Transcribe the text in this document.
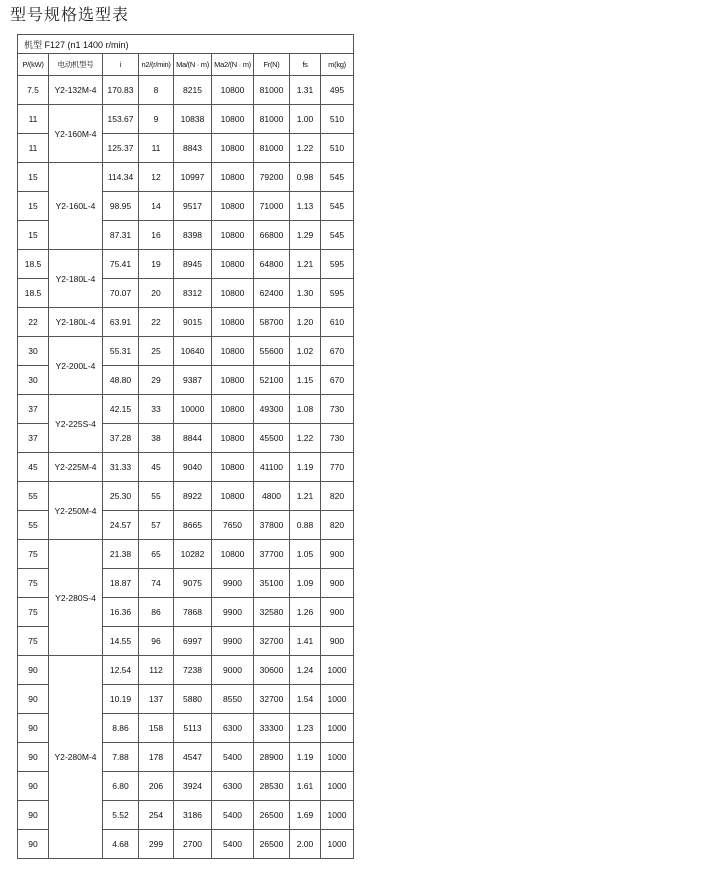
型号规格选型表
机型 F127 (n1 1400 r/min)								
P/(kW)	电动机型号	i	n2/(r/min)	Ma/(N · m)	Ma2/(N · m)	Fr(N)	fs	m(kg)
7.5	Y2-132M-4	170.83	8	8215	10800	81000	1.31	495
11	Y2-160M-4	153.67	9	10838	10800	81000	1.00	510
11		125.37	11	8843	10800	81000	1.22	510
15	Y2-160L-4	114.34	12	10997	10800	79200	0.98	545
15		98.95	14	9517	10800	71000	1.13	545
15		87.31	16	8398	10800	66800	1.29	545
18.5	Y2-180L-4	75.41	19	8945	10800	64800	1.21	595
18.5		70.07	20	8312	10800	62400	1.30	595
22	Y2-180L-4	63.91	22	9015	10800	58700	1.20	610
30	Y2-200L-4	55.31	25	10640	10800	55600	1.02	670
30		48.80	29	9387	10800	52100	1.15	670
37	Y2-225S-4	42.15	33	10000	10800	49300	1.08	730
37		37.28	38	8844	10800	45500	1.22	730
45	Y2-225M-4	31.33	45	9040	10800	41100	1.19	770
55	Y2-250M-4	25.30	55	8922	10800	4800	1.21	820
55		24.57	57	8665	7650	37800	0.88	820
75	Y2-280S-4	21.38	65	10282	10800	37700	1.05	900
75		18.87	74	9075	9900	35100	1.09	900
75		16.36	86	7868	9900	32580	1.26	900
75		14.55	96	6997	9900	32700	1.41	900
90	Y2-280M-4	12.54	112	7238	9000	30600	1.24	1000
90		10.19	137	5880	8550	32700	1.54	1000
90		8.86	158	5113	6300	33300	1.23	1000
90		7.88	178	4547	5400	28900	1.19	1000
90		6.80	206	3924	6300	28530	1.61	1000
90		5.52	254	3186	5400	26500	1.69	1000
90		4.68	299	2700	5400	26500	2.00	1000
